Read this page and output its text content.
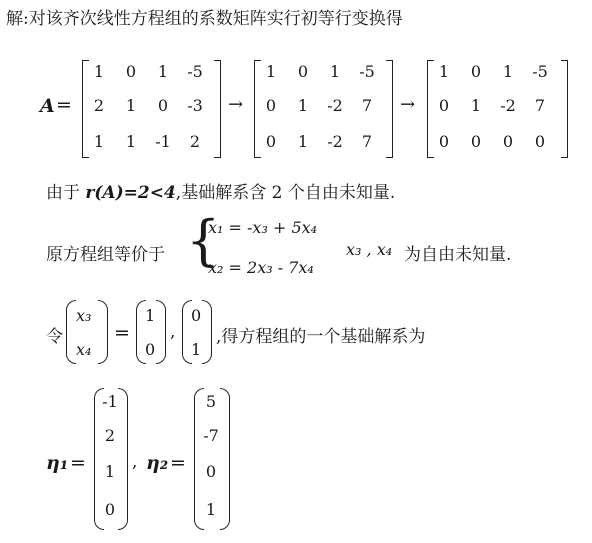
解:对该齐次线性方程组的系数矩阵实行初等行变换得
A =	→	→
1	0	1	-5
2	1	0	-3
1	1	-1	2
1	0	1	-5
0	1	-2	7
0	1	-2	7
1	0	1	-5
0	1	-2	7
0	0	0	0
由于 r(A)=2<4,基础解系含 2 个自由未知量.
原方程组等价于 {
x₁ = -x₃ + 5x₄
x₂ = 2x₃ - 7x₄
x₃ , x₄ 为自由未知量.
令
x₃
x₄
=
1
0
,
0
1
,得方程组的一个基础解系为
η₁ =	, η₂ =
-1
2
1
0
5
-7
0
1
